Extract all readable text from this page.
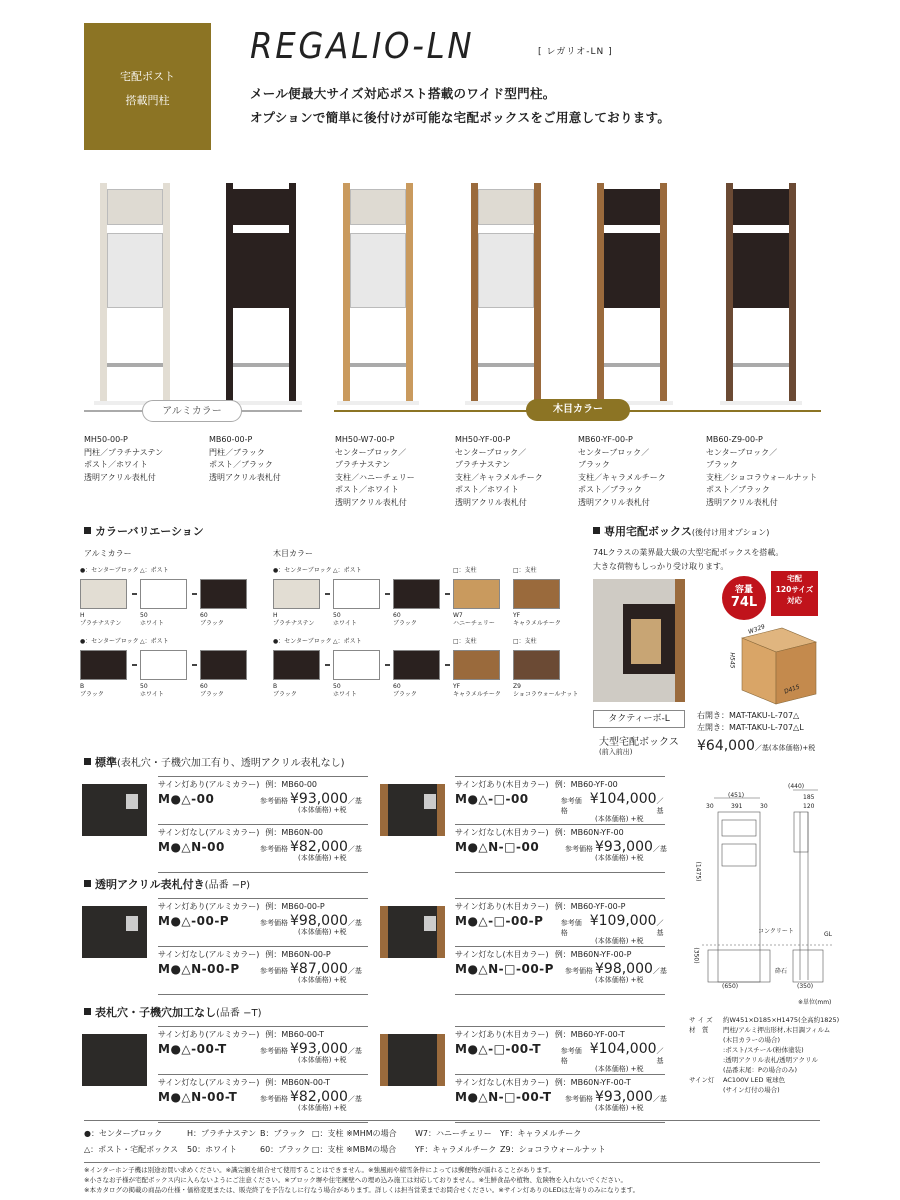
宅配ポスト
搭載門柱
REGALIO-LN	[ レガリオ-LN ]
メール便最大サイズ対応ポスト搭載のワイド型門柱。
オプションで簡単に後付けが可能な宅配ボックスをご用意しております。
アルミカラー	木目カラー
MH50-00-P
門柱／プラチナステン
ポスト／ホワイト
透明アクリル表札付
MB60-00-P
門柱／ブラック
ポスト／ブラック
透明アクリル表札付
MH50-W7-00-P
センターブロック／
プラチナステン
支柱／ハニーチェリー
ポスト／ホワイト
透明アクリル表札付
MH50-YF-00-P
センターブロック／
プラチナステン
支柱／キャラメルチーク
ポスト／ホワイト
透明アクリル表札付
MB60-YF-00-P
センターブロック／
ブラック
支柱／キャラメルチーク
ポスト／ブラック
透明アクリル表札付
MB60-Z9-00-P
センターブロック／
ブラック
支柱／ショコラウォールナット
ポスト／ブラック
透明アクリル表札付
カラーバリエーション
アルミカラー	木目カラー
●：センターブロック
H
プラチナステン
△：ポスト
50
ホワイト
60
ブラック
●：センターブロック
B
ブラック
△：ポスト
50
ホワイト
60
ブラック
●：センターブロック
H
プラチナステン
△：ポスト
50
ホワイト
60
ブラック
□：支柱
W7
ハニーチェリー
□：支柱
YF
キャラメルチーク
●：センターブロック
B
ブラック
△：ポスト
50
ホワイト
60
ブラック
□：支柱
YF
キャラメルチーク
□：支柱
Z9
ショコラウォールナット
専用宅配ボックス(後付け用オプション)
74Lクラスの業界最大級の大型宅配ボックスを搭載。
大きな荷物もしっかり受け取ります。
容量
74L
宅配
120サイズ
対応
W329
H545
D415
タクティーボ-L
大型宅配ボックス
(前入前出)
右開き：MAT-TAKU-L-707△
左開き：MAT-TAKU-L-707△L
¥64,000／基(本体価格)+税
標準(表札穴・子機穴加工有り、透明アクリル表札なし)
サイン灯あり(アルミカラー) 例：MB60-00
M●△-00	参考価格 ¥93,000 ／基
(本体価格) +税
サイン灯なし(アルミカラー) 例：MB60N-00
M●△N-00	参考価格 ¥82,000 ／基
(本体価格) +税
サイン灯あり(木目カラー) 例：MB60-YF-00
M●△-□-00	参考価格
¥104,000 ／基
(本体価格) +税
サイン灯なし(木目カラー) 例：MB60N-YF-00
M●△N-□-00	参考価格 ¥93,000 ／基
(本体価格) +税
透明アクリル表札付き(品番 −P)
サイン灯あり(アルミカラー) 例：MB60-00-P
M●△-00-P	参考価格 ¥98,000 ／基
(本体価格) +税
サイン灯なし(アルミカラー) 例：MB60N-00-P
M●△N-00-P	参考価格 ¥87,000 ／基
(本体価格) +税
サイン灯あり(木目カラー) 例：MB60-YF-00-P
M●△-□-00-P	参考価格
¥109,000 ／基
(本体価格) +税
サイン灯なし(木目カラー) 例：MB60N-YF-00-P
M●△N-□-00-P	参考価格 ¥98,000 ／基
(本体価格) +税
表札穴・子機穴加工なし(品番 −T)
サイン灯あり(アルミカラー) 例：MB60-00-T
M●△-00-T	参考価格 ¥93,000 ／基
(本体価格) +税
サイン灯なし(アルミカラー) 例：MB60N-00-T
M●△N-00-T	参考価格 ¥82,000 ／基
(本体価格) +税
サイン灯あり(木目カラー) 例：MB60-YF-00-T
M●△-□-00-T	参考価格
¥104,000 ／基
(本体価格) +税
サイン灯なし(木目カラー) 例：MB60N-YF-00-T
M●△N-□-00-T	参考価格 ¥93,000 ／基
(本体価格) +税
(451)
(440)
30	391	30
185
120
(1475)
コンクリート	GL
(350)
砕石
(650)	(350)
※単位(mm)
サ イ ズ	約W451×D185×H1475(全高約1825)
材　質	門柱/アルミ押出形材,木目調フィルム
(木目カラーの場合)
:ポスト/スチール(粉体塗装)
:透明アクリル表札/透明アクリル
(品番末尾：Pの場合のみ)
サイン灯	AC100V LED 電球色
(サイン灯付の場合)
●：センターブロック	H：プラチナステン B：ブラック □：支柱 ※MHMの場合 W7：ハニーチェリー YF：キャラメルチーク
△：ポスト・宅配ボックス 50：ホワイト	60：ブラック □：支柱 ※MBMの場合 YF：キャラメルチーク Z9：ショコラウォールナット
※インターホン子機は別途お買い求めください。※識完額を組合せて使用することはできません。※強風雨や積雪条件によっては郵便物が濡れることがあります。
※小さなお子様が宅配ボックス内に入らないようにご注意ください。※ブロック塀や住宅擁壁への埋め込み施工は対応しておりません。※生鮮食品や植物、危険物を入れないでください。
※本カタログの掲載の商品の仕様・価格変更または、販売終了を予告なしに行なう場合があります。詳しくは担当営業までお問合せください。※サイン灯ありのLEDは左寄りのみになります。
